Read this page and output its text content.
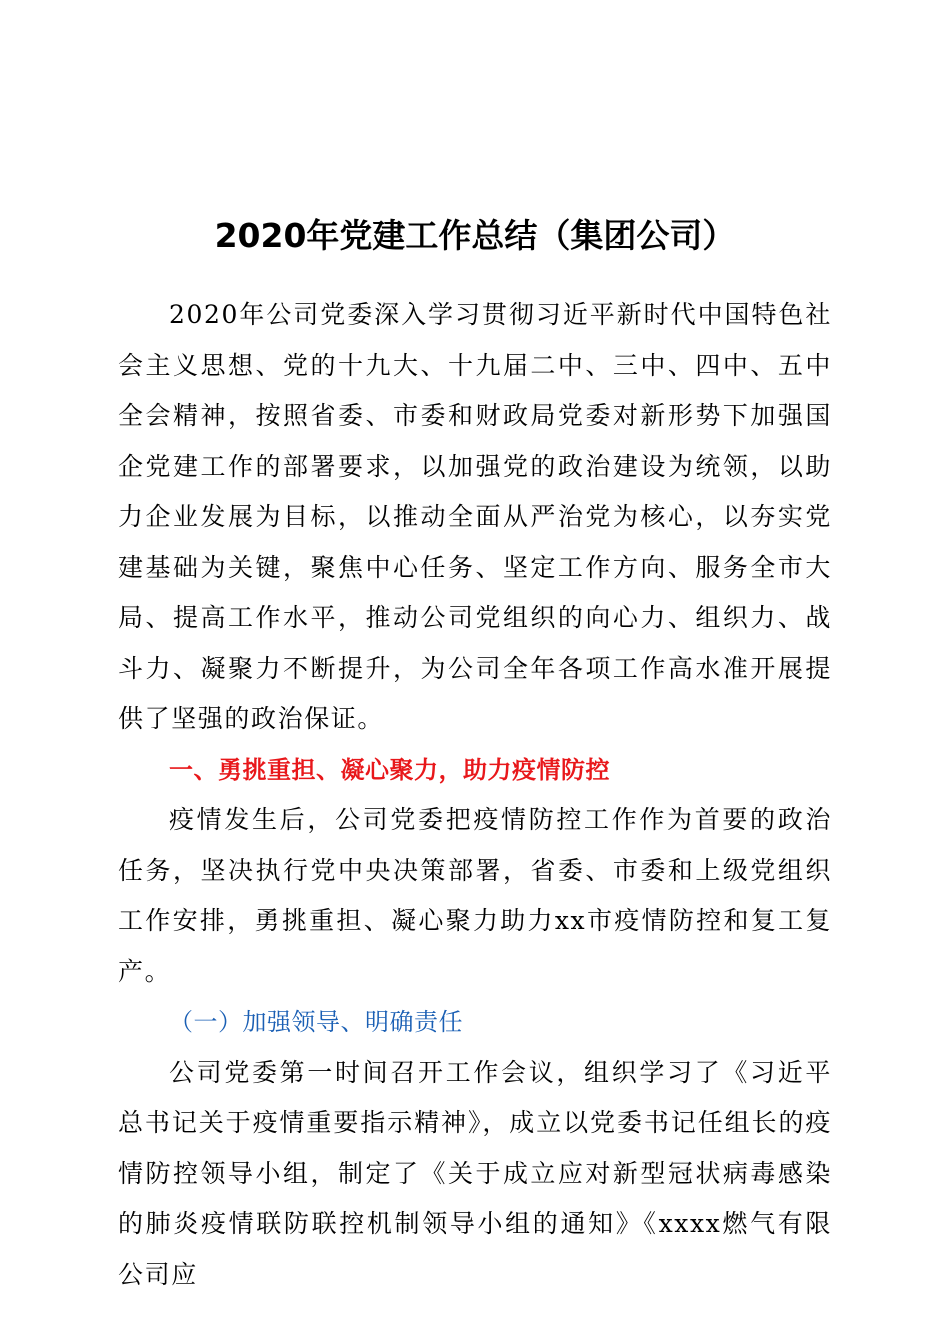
2020年党建工作总结（集团公司）

2020年公司党委深入学习贯彻习近平新时代中国特色社会主义思想、党的十九大、十九届二中、三中、四中、五中全会精神，按照省委、市委和财政局党委对新形势下加强国企党建工作的部署要求，以加强党的政治建设为统领，以助力企业发展为目标，以推动全面从严治党为核心，以夯实党建基础为关键，聚焦中心任务、坚定工作方向、服务全市大局、提高工作水平，推动公司党组织的向心力、组织力、战斗力、凝聚力不断提升，为公司全年各项工作高水准开展提供了坚强的政治保证。

一、勇挑重担、凝心聚力，助力疫情防控

疫情发生后，公司党委把疫情防控工作作为首要的政治任务，坚决执行党中央决策部署，省委、市委和上级党组织工作安排，勇挑重担、凝心聚力助力xx市疫情防控和复工复产。

（一）加强领导、明确责任

公司党委第一时间召开工作会议，组织学习了《习近平总书记关于疫情重要指示精神》，成立以党委书记任组长的疫情防控领导小组，制定了《关于成立应对新型冠状病毒感染的肺炎疫情联防联控机制领导小组的通知》《xxxx燃气有限公司应
